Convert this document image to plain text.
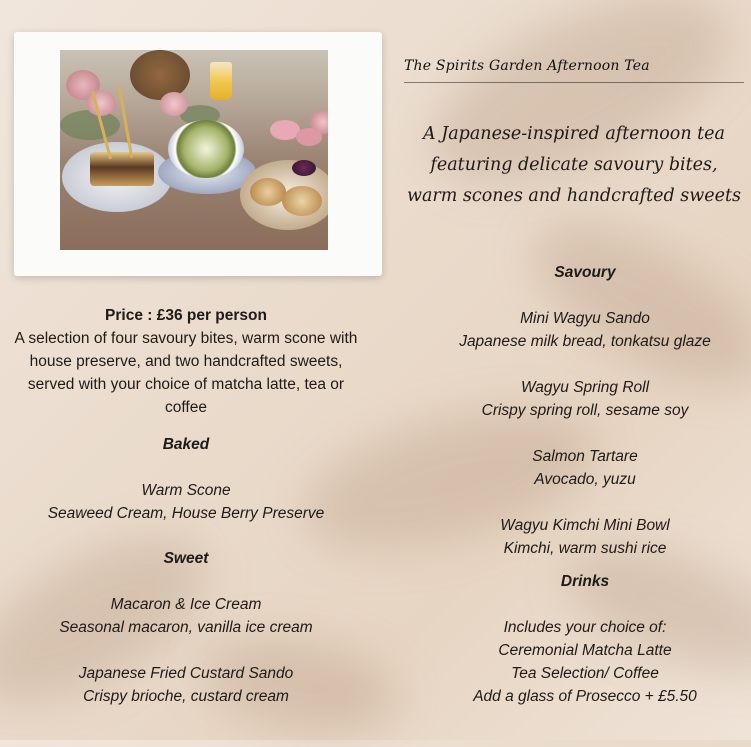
The Spirits Garden Afternoon Tea
A Japanese-inspired afternoon tea featuring delicate savoury bites, warm scones and handcrafted sweets
Price : £36 per person
A selection of four savoury bites, warm scone with house preserve, and two handcrafted sweets, served with your choice of matcha latte, tea or coffee
Baked
Warm Scone
Seaweed Cream, House Berry Preserve
Sweet
Macaron & Ice Cream
Seasonal macaron, vanilla ice cream
Japanese Fried Custard Sando
Crispy brioche, custard cream
Savoury
Mini Wagyu Sando
Japanese milk bread, tonkatsu glaze
Wagyu Spring Roll
Crispy spring roll, sesame soy
Salmon Tartare
Avocado, yuzu
Wagyu Kimchi Mini Bowl
Kimchi, warm sushi rice
Drinks
Includes your choice of:
Ceremonial Matcha Latte
Tea Selection/ Coffee
Add a glass of Prosecco + £5.50
